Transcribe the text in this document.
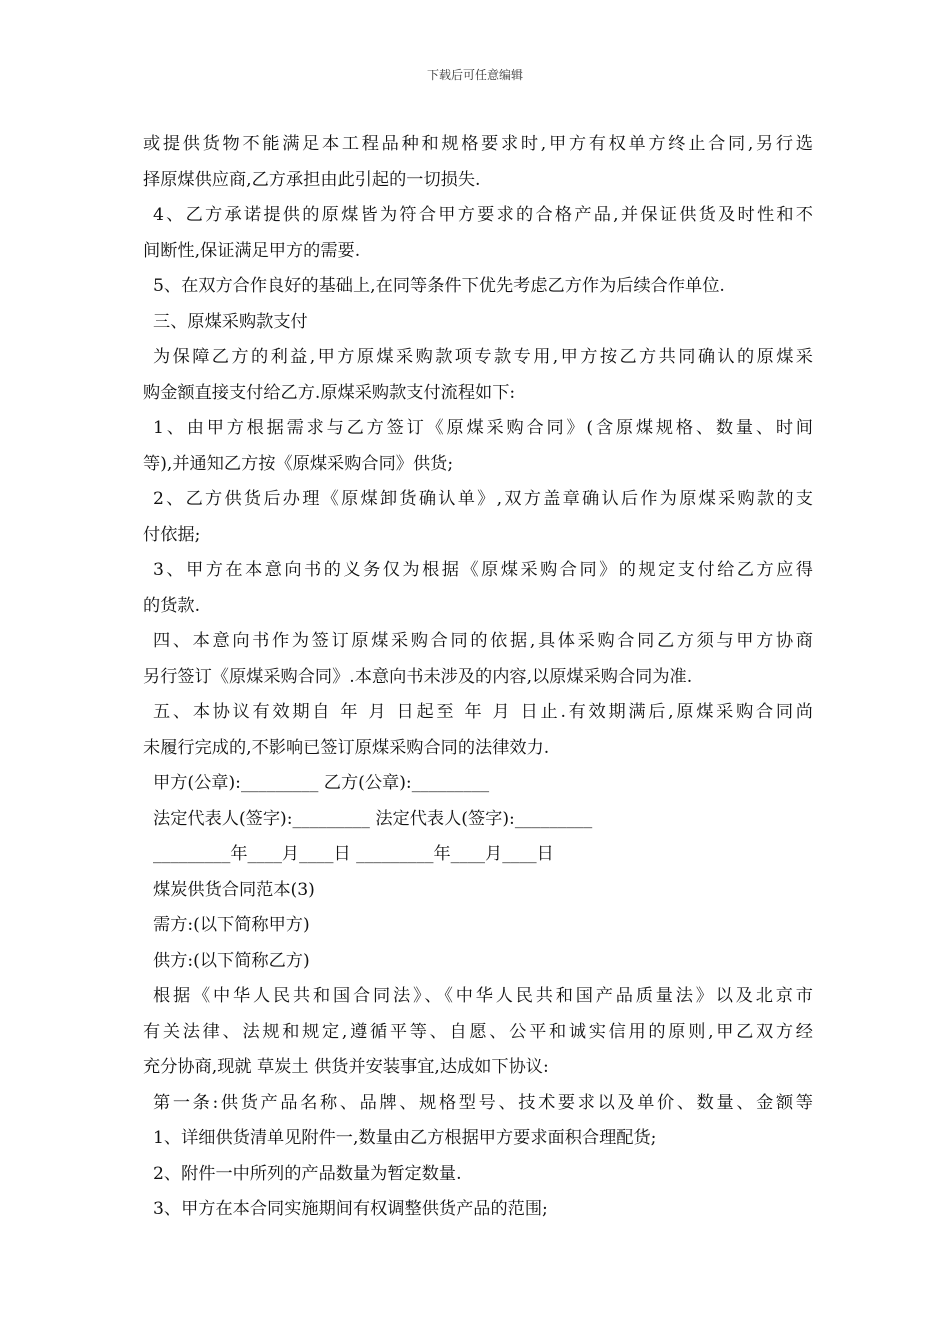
下载后可任意编辑
或提供货物不能满足本工程品种和规格要求时,甲方有权单方终止合同,另行选
择原煤供应商,乙方承担由此引起的一切损失.
4、乙方承诺提供的原煤皆为符合甲方要求的合格产品,并保证供货及时性和不
间断性,保证满足甲方的需要.
5、在双方合作良好的基础上,在同等条件下优先考虑乙方作为后续合作单位.
三、原煤采购款支付
为保障乙方的利益,甲方原煤采购款项专款专用,甲方按乙方共同确认的原煤采
购金额直接支付给乙方.原煤采购款支付流程如下:
1、由甲方根据需求与乙方签订《原煤采购合同》(含原煤规格、数量、时间
等),并通知乙方按《原煤采购合同》供货;
2、乙方供货后办理《原煤卸货确认单》,双方盖章确认后作为原煤采购款的支
付依据;
3、甲方在本意向书的义务仅为根据《原煤采购合同》的规定支付给乙方应得
的货款.
四、本意向书作为签订原煤采购合同的依据,具体采购合同乙方须与甲方协商
另行签订《原煤采购合同》.本意向书未涉及的内容,以原煤采购合同为准.
五、本协议有效期自 年 月 日起至 年 月 日止.有效期满后,原煤采购合同尚
未履行完成的,不影响已签订原煤采购合同的法律效力.
甲方(公章):_________ 乙方(公章):_________
法定代表人(签字):_________ 法定代表人(签字):_________
_________年____月____日 _________年____月____日
煤炭供货合同范本(3)
需方:(以下简称甲方)
供方:(以下简称乙方)
根据《中华人民共和国合同法》、《中华人民共和国产品质量法》以及北京市
有关法律、法规和规定,遵循平等、自愿、公平和诚实信用的原则,甲乙双方经
充分协商,现就 草炭土 供货并安装事宜,达成如下协议:
第一条:供货产品名称、品牌、规格型号、技术要求以及单价、数量、金额等
1、详细供货清单见附件一,数量由乙方根据甲方要求面积合理配货;
2、附件一中所列的产品数量为暂定数量.
3、甲方在本合同实施期间有权调整供货产品的范围;
